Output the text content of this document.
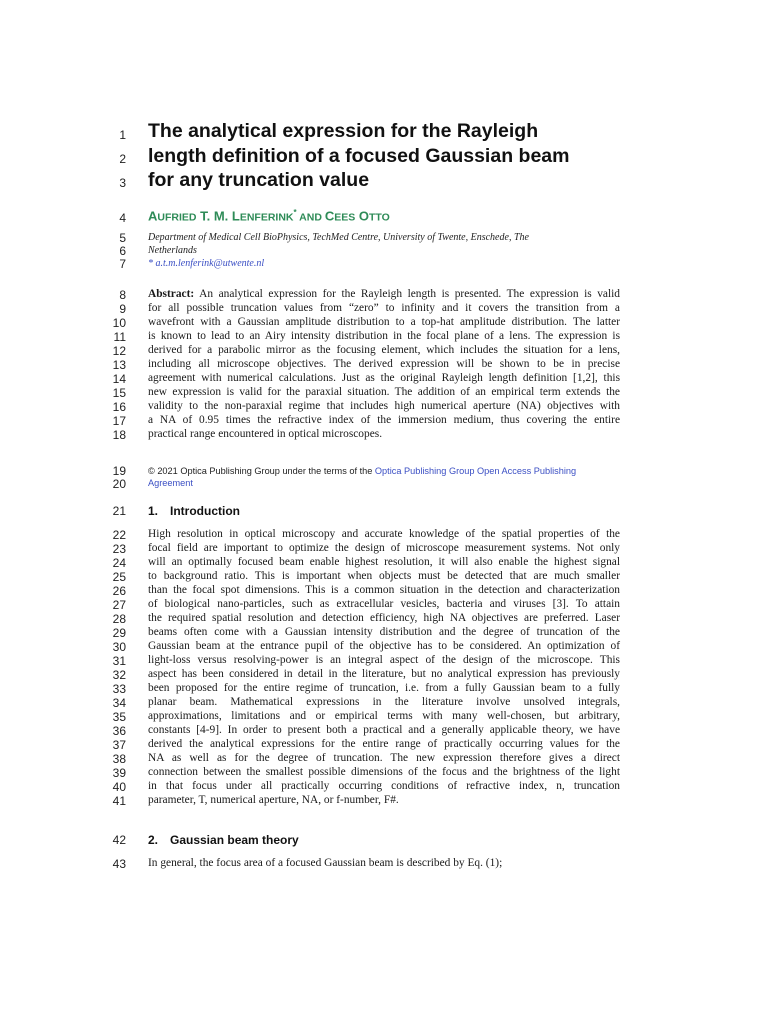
1
2
3
4
5
6
7
8
9
10
11
12
13
14
15
16
17
18
19
20
21
22
23
24
25
26
27
28
29
30
31
32
33
34
35
36
37
38
39
40
41
42
43
The analytical expression for the Rayleigh
length definition of a focused Gaussian beam
for any truncation value
AUFRIED T. M. LENFERINK* AND CEES OTTO
Department of Medical Cell BioPhysics, TechMed Centre, University of Twente, Enschede, The
Netherlands
* a.t.m.lenferink@utwente.nl
Abstract: An analytical expression for the Rayleigh length is presented. The expression is valid
for all possible truncation values from “zero” to infinity and it covers the transition from a
wavefront with a Gaussian amplitude distribution to a top-hat amplitude distribution. The latter
is known to lead to an Airy intensity distribution in the focal plane of a lens. The expression is
derived for a parabolic mirror as the focusing element, which includes the situation for a lens,
including all microscope objectives. The derived expression will be shown to be in precise
agreement with numerical calculations. Just as the original Rayleigh length definition [1,2], this
new expression is valid for the paraxial situation. The addition of an empirical term extends the
validity to the non-paraxial regime that includes high numerical aperture (NA) objectives with
a NA of 0.95 times the refractive index of the immersion medium, thus covering the entire
practical range encountered in optical microscopes.
© 2021 Optica Publishing Group under the terms of the Optica Publishing Group Open Access Publishing
Agreement
1. Introduction
High resolution in optical microscopy and accurate knowledge of the spatial properties of the
focal field are important to optimize the design of microscope measurement systems. Not only
will an optimally focused beam enable highest resolution, it will also enable the highest signal
to background ratio. This is important when objects must be detected that are much smaller
than the focal spot dimensions. This is a common situation in the detection and characterization
of biological nano-particles, such as extracellular vesicles, bacteria and viruses [3]. To attain
the required spatial resolution and detection efficiency, high NA objectives are preferred. Laser
beams often come with a Gaussian intensity distribution and the degree of truncation of the
Gaussian beam at the entrance pupil of the objective has to be considered. An optimization of
light-loss versus resolving-power is an integral aspect of the design of the microscope. This
aspect has been considered in detail in the literature, but no analytical expression has previously
been proposed for the entire regime of truncation, i.e. from a fully Gaussian beam to a fully
planar beam. Mathematical expressions in the literature involve unsolved integrals,
approximations, limitations and or empirical terms with many well-chosen, but arbitrary,
constants [4-9]. In order to present both a practical and a generally applicable theory, we have
derived the analytical expressions for the entire range of practically occurring values for the
NA as well as for the degree of truncation. The new expression therefore gives a direct
connection between the smallest possible dimensions of the focus and the brightness of the light
in that focus under all practically occurring conditions of refractive index, n, truncation
parameter, T, numerical aperture, NA, or f-number, F#.
2. Gaussian beam theory
In general, the focus area of a focused Gaussian beam is described by Eq. (1);
